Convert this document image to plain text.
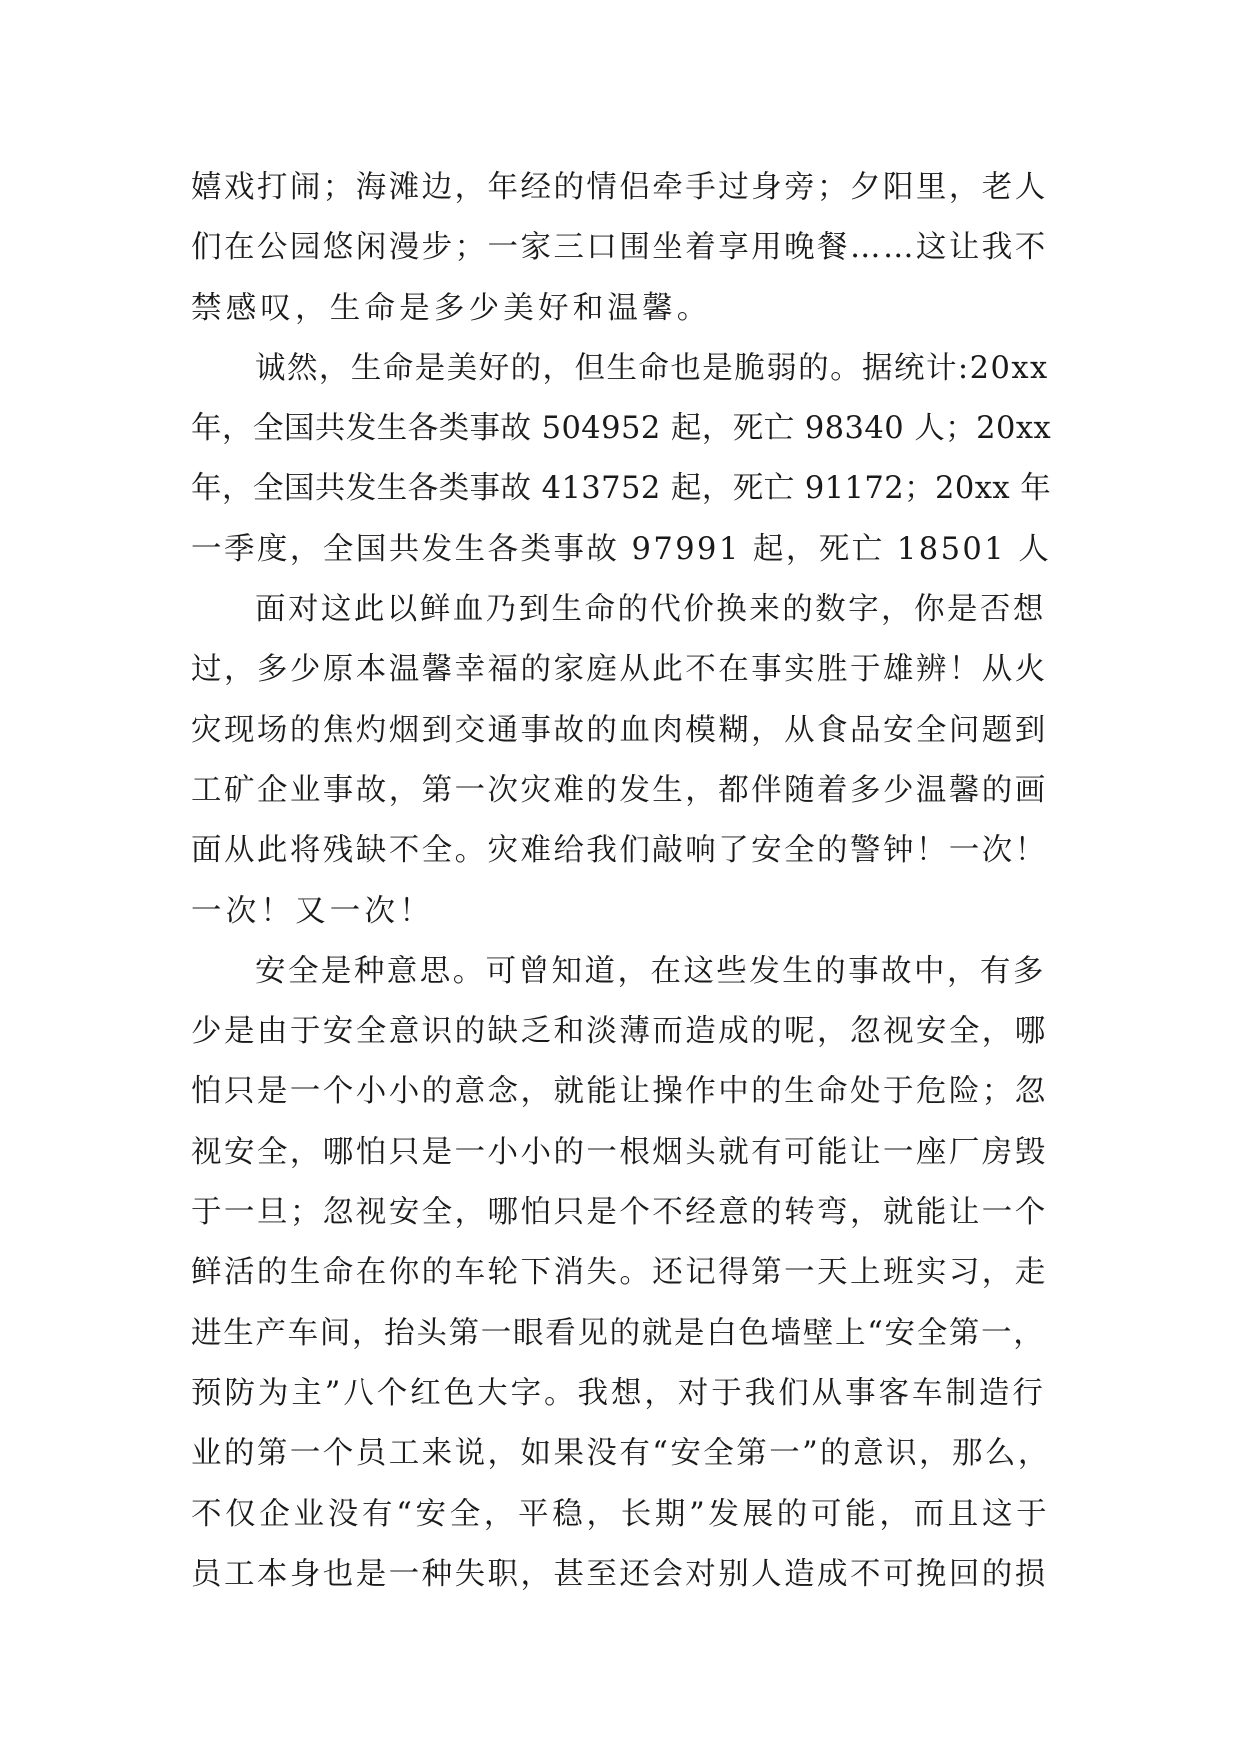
嬉戏打闹；海滩边，年经的情侣牵手过身旁；夕阳里，老人
们在公园悠闲漫步；一家三口围坐着享用晚餐……这让我不
禁感叹，生命是多少美好和温馨。
诚然，生命是美好的，但生命也是脆弱的。据统计:20xx
年，全国共发生各类事故 504952 起，死亡 98340 人；20xx
年，全国共发生各类事故 413752 起，死亡 91172；20xx 年
一季度，全国共发生各类事故 97991 起，死亡 18501 人
面对这此以鲜血乃到生命的代价换来的数字，你是否想
过，多少原本温馨幸福的家庭从此不在事实胜于雄辨！从火
灾现场的焦灼烟到交通事故的血肉模糊，从食品安全问题到
工矿企业事故，第一次灾难的发生，都伴随着多少温馨的画
面从此将残缺不全。灾难给我们敲响了安全的警钟！一次！
一次！又一次！
安全是种意思。可曾知道，在这些发生的事故中，有多
少是由于安全意识的缺乏和淡薄而造成的呢，忽视安全，哪
怕只是一个小小的意念，就能让操作中的生命处于危险；忽
视安全，哪怕只是一小小的一根烟头就有可能让一座厂房毁
于一旦；忽视安全，哪怕只是个不经意的转弯，就能让一个
鲜活的生命在你的车轮下消失。还记得第一天上班实习，走
进生产车间，抬头第一眼看见的就是白色墙壁上“安全第一，
预防为主”八个红色大字。我想，对于我们从事客车制造行
业的第一个员工来说，如果没有“安全第一”的意识，那么，
不仅企业没有“安全，平稳，长期”发展的可能，而且这于
员工本身也是一种失职，甚至还会对别人造成不可挽回的损
